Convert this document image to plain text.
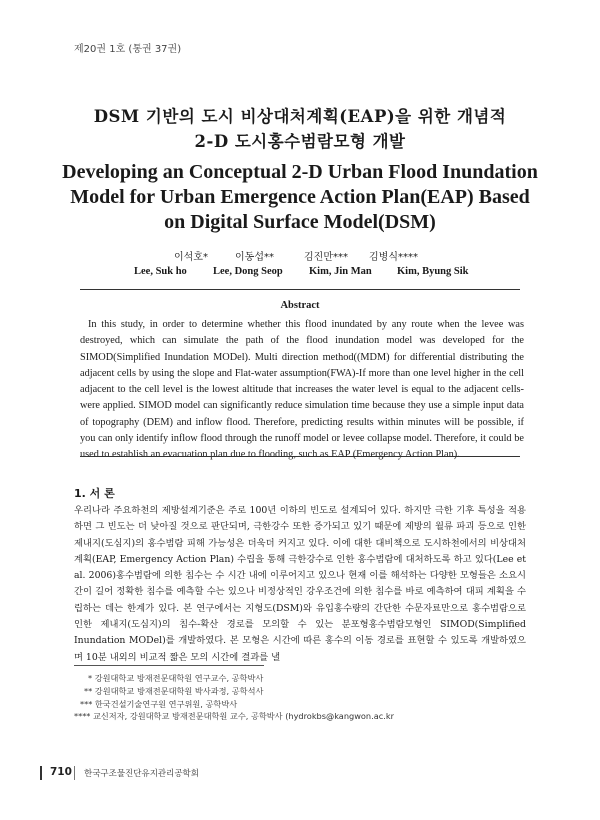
제20권 1호 (통권 37권)
DSM 기반의 도시 비상대처계획(EAP)을 위한 개념적
2-D 도시홍수범람모형 개발
Developing an Conceptual 2-D Urban Flood Inundation Model for Urban Emergence Action Plan(EAP) Based on Digital Surface Model(DSM)
이석호*	이동섭**	김진만*** 김병식****
Lee, Suk ho Lee, Dong Seop	Kim, Jin Man Kim, Byung Sik
Abstract

In this study, in order to determine whether this flood inundated by any route when the levee was destroyed, which can simulate the path of the flood inundation model was developed for the SIMOD(Simplified Inundation MODel). Multi direction method((MDM) for differential distributing the adjacent cells by using the slope and Flat-water assumption(FWA)-If more than one level higher in the cell adjacent to the cell level is the lowest altitude that increases the water level is equal to the adjacent cells- were applied. SIMOD model can significantly reduce simulation time because they use a simple input data of topography (DEM) and inflow flood. Therefore, predicting results within minutes will be possible, if you can only identify inflow flood through the runoff model or levee collapse model. Therefore, it could be used to establish an evacuation plan due to flooding, such as EAP (Emergency Action Plan).

1. 서 론

우리나라 주요하천의 제방설계기준은 주로 100년 이하의 빈도로 설계되어 있다. 하지만 극한 기후 특성을 적용하면 그 빈도는 더 낮아질 것으로 판단되며, 극한강수 또한 증가되고 있기 때문에 제방의 월류 파괴 등으로 인한 제내지(도심지)의 홍수범람 피해 가능성은 더욱더 커지고 있다. 이에 대한 대비책으로 도시하천에서의 비상대처계획(EAP, Emergency Action Plan) 수립을 통해 극한강수로 인한 홍수범람에 대처하도록 하고 있다(Lee et al. 2006)홍수범람에 의한 침수는 수 시간 내에 이루어지고 있으나 현재 이를 해석하는 다양한 모형들은 소요시간이 길어 정확한 침수를 예측할 수는 있으나 비정상적인 강우조건에 의한 침수를 바로 예측하여 대피 계획을 수립하는 데는 한계가 있다. 본 연구에서는 지형도(DSM)와 유입홍수량의 간단한 수문자료만으로 홍수범람으로 인한 제내지(도심지)의 침수-확산 경로를 모의할 수 있는 분포형홍수범람모형인 SIMOD(Simplified Inundation MODel)를 개발하였다. 본 모형은 시간에 따른 홍수의 이동 경로를 표현할 수 있도록 개발하였으며 10분 내외의 비교적 짧은 모의 시간에 결과를 낼

* 강원대학교 방재전문대학원 연구교수, 공학박사
** 강원대학교 방재전문대학원 박사과정, 공학석사
*** 한국건설기술연구원 연구위원, 공학박사
**** 교신저자, 강원대학교 방재전문대학원 교수, 공학박사 (hydrokbs@kangwon.ac.kr
710 한국구조물진단유지관리공학회
